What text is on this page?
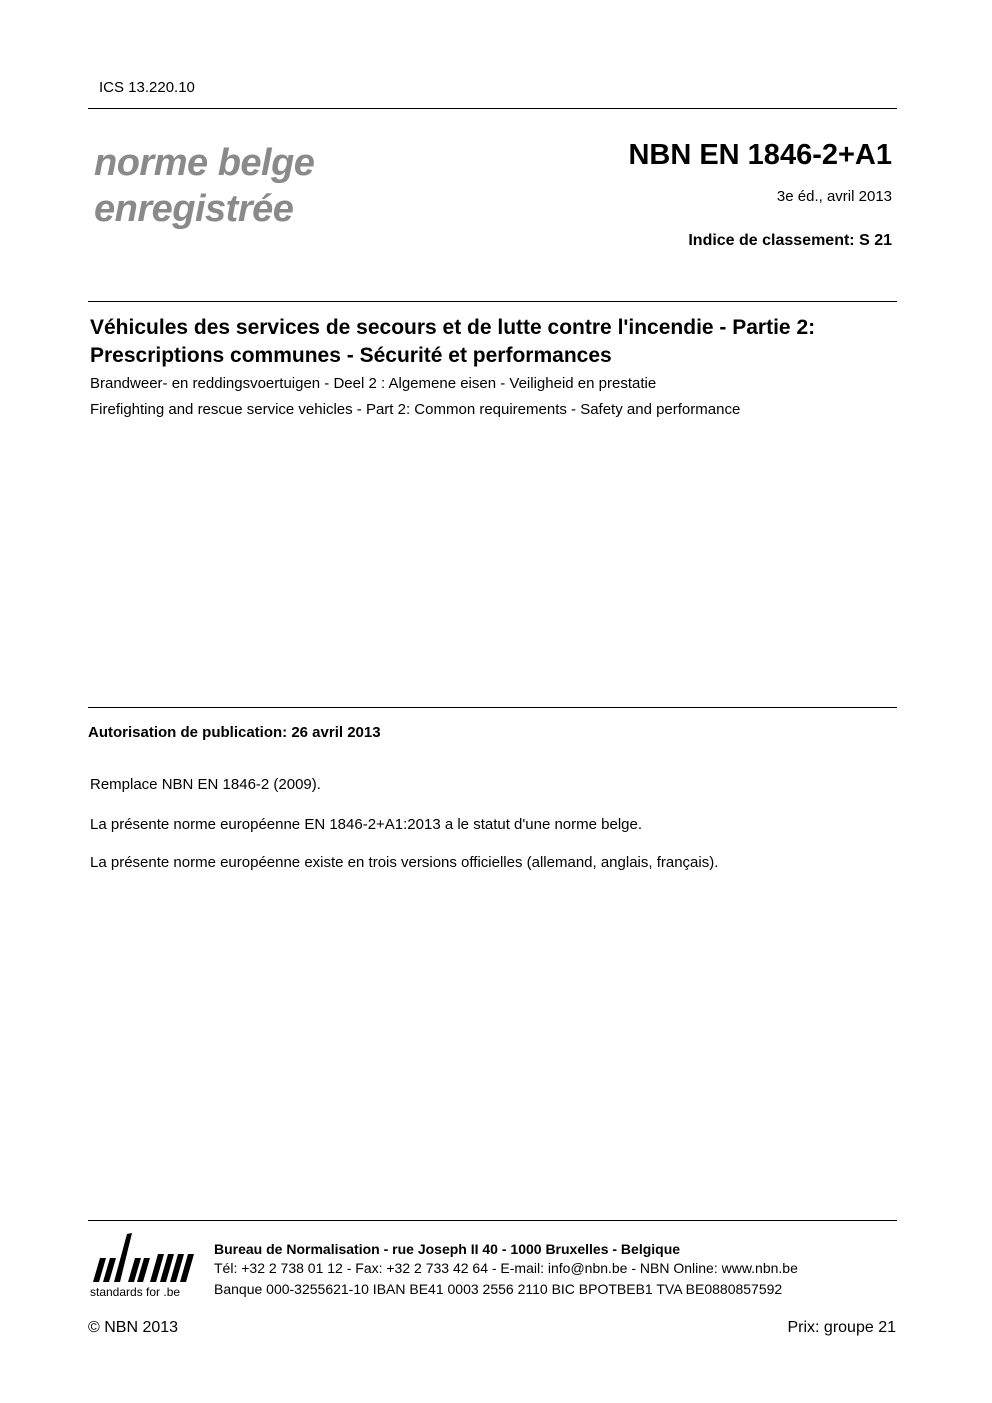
ICS 13.220.10
norme belge
enregistrée
NBN EN 1846-2+A1
3e éd., avril 2013
Indice de classement: S 21
Véhicules des services de secours et de lutte contre l'incendie - Partie 2: Prescriptions communes - Sécurité et performances
Brandweer- en reddingsvoertuigen - Deel 2 : Algemene eisen - Veiligheid en prestatie
Firefighting and rescue service vehicles - Part 2: Common requirements - Safety and performance
Autorisation de publication: 26 avril 2013
Remplace NBN EN 1846-2 (2009).
La présente norme européenne EN 1846-2+A1:2013 a le statut d'une norme belge.
La présente norme européenne existe en trois versions officielles (allemand, anglais, français).
standards for .be
Bureau de Normalisation - rue Joseph II 40 - 1000 Bruxelles - Belgique
Tél: +32 2 738 01 12 - Fax: +32 2 733 42 64 - E-mail: info@nbn.be - NBN Online: www.nbn.be
Banque 000-3255621-10 IBAN BE41 0003 2556 2110 BIC BPOTBEB1 TVA BE0880857592
© NBN 2013	Prix: groupe 21
